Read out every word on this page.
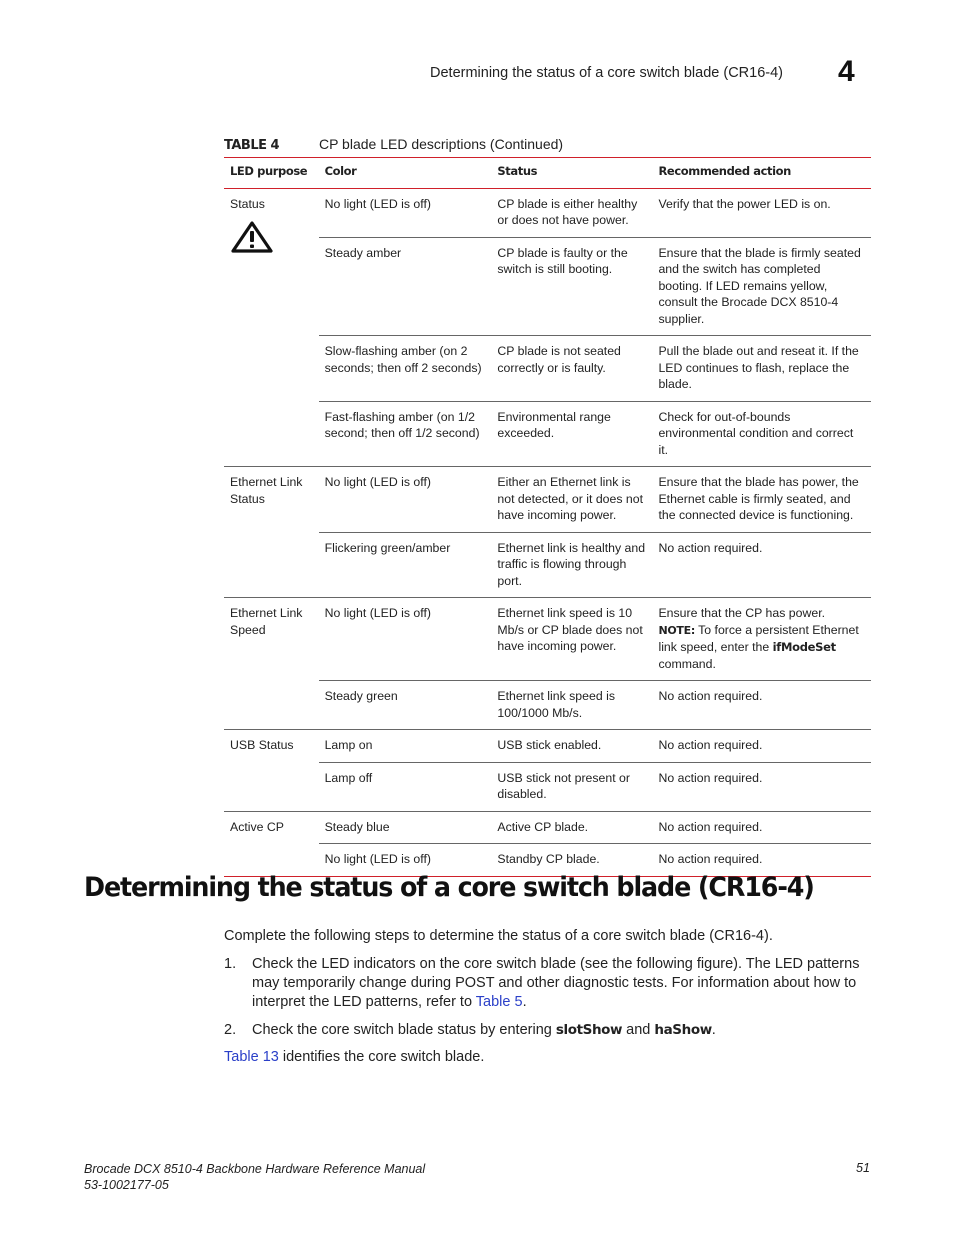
Determining the status of a core switch blade (CR16-4) 4
TABLE 4	CP blade LED descriptions (Continued)
LED purpose	Color	Status	Recommended action
Status	No light (LED is off)	CP blade is either healthy or does not have power.	Verify that the power LED is on.
	Steady amber	CP blade is faulty or the switch is still booting.	Ensure that the blade is firmly seated and the switch has completed booting. If LED remains yellow, consult the Brocade DCX 8510-4 supplier.
	Slow-flashing amber (on 2 seconds; then off 2 seconds)	CP blade is not seated correctly or is faulty.	Pull the blade out and reseat it. If the LED continues to flash, replace the blade.
	Fast-flashing amber (on 1/2 second; then off 1/2 second)	Environmental range exceeded.	Check for out-of-bounds environmental condition and correct it.
Ethernet Link Status	No light (LED is off)	Either an Ethernet link is not detected, or it does not have incoming power.	Ensure that the blade has power, the Ethernet cable is firmly seated, and the connected device is functioning.
	Flickering green/amber	Ethernet link is healthy and traffic is flowing through port.	No action required.
Ethernet Link Speed	No light (LED is off)	Ethernet link speed is 10 Mb/s or CP blade does not have incoming power.	Ensure that the CP has power.
NOTE: To force a persistent Ethernet link speed, enter the ifModeSet command.

	Steady green	Ethernet link speed is 100/1000 Mb/s.	No action required.
USB Status	Lamp on	USB stick enabled.	No action required.
	Lamp off	USB stick not present or disabled.	No action required.
Active CP	Steady blue	Active CP blade.	No action required.
	No light (LED is off)	Standby CP blade.	No action required.
Determining the status of a core switch blade (CR16-4)
Complete the following steps to determine the status of a core switch blade (CR16-4).
1. Check the LED indicators on the core switch blade (see the following figure). The LED patterns may temporarily change during POST and other diagnostic tests. For information about how to interpret the LED patterns, refer to Table 5.
2. Check the core switch blade status by entering slotShow and haShow.
Table 13 identifies the core switch blade.
Brocade DCX 8510-4 Backbone Hardware Reference Manual
53-1002177-05
51
